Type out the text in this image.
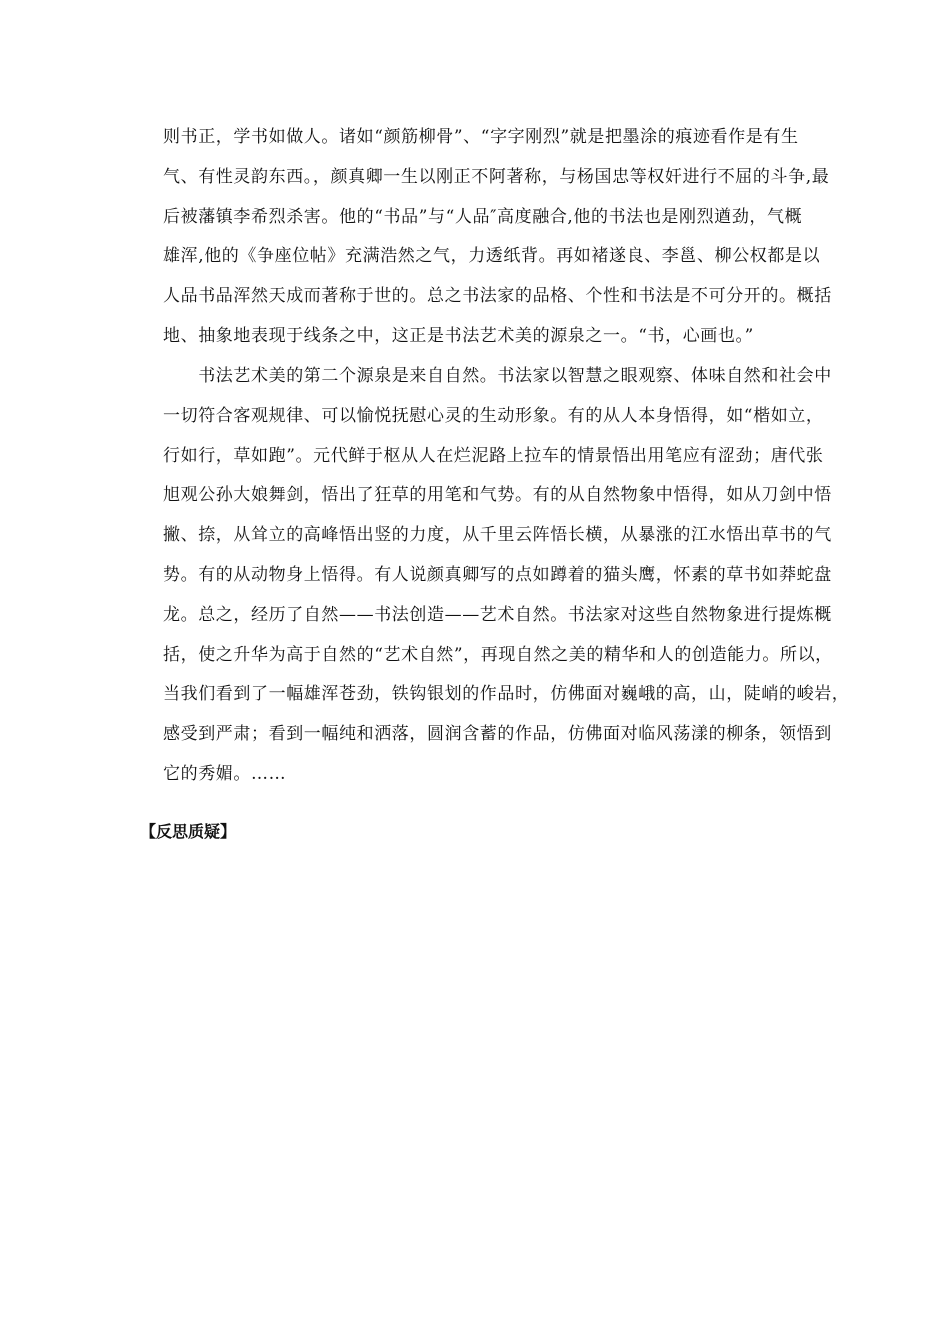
则书正，学书如做人。诸如“颜筋柳骨”、“字字刚烈”就是把墨涂的痕迹看作是有生
气、有性灵韵东西。，颜真卿一生以刚正不阿著称，与杨国忠等权奸进行不屈的斗争,最
后被藩镇李希烈杀害。他的“书品”与“人品″高度融合,他的书法也是刚烈遒劲，气概
雄浑,他的《争座位帖》充满浩然之气，力透纸背。再如褚遂良、李邕、柳公权都是以
人品书品浑然天成而著称于世的。总之书法家的品格、个性和书法是不可分开的。概括
地、抽象地表现于线条之中，这正是书法艺术美的源泉之一。“书，心画也。”
　　书法艺术美的第二个源泉是来自自然。书法家以智慧之眼观察、体味自然和社会中
一切符合客观规律、可以愉悦抚慰心灵的生动形象。有的从人本身悟得，如“楷如立，
行如行，草如跑”。元代鲜于枢从人在烂泥路上拉车的情景悟出用笔应有涩劲；唐代张
旭观公孙大娘舞剑，悟出了狂草的用笔和气势。有的从自然物象中悟得，如从刀剑中悟
撇、捺，从耸立的高峰悟出竖的力度，从千里云阵悟长横，从暴涨的江水悟出草书的气
势。有的从动物身上悟得。有人说颜真卿写的点如蹲着的猫头鹰，怀素的草书如莽蛇盘
龙。总之，经历了自然——书法创造——艺术自然。书法家对这些自然物象进行提炼概
括，使之升华为高于自然的“艺术自然”，再现自然之美的精华和人的创造能力。所以，
当我们看到了一幅雄浑苍劲，铁钩银划的作品时，仿佛面对巍峨的高，山，陡峭的峻岩，
感受到严肃；看到一幅纯和洒落，圆润含蓄的作品，仿佛面对临风荡漾的柳条，领悟到
它的秀媚。……
【反思质疑】
